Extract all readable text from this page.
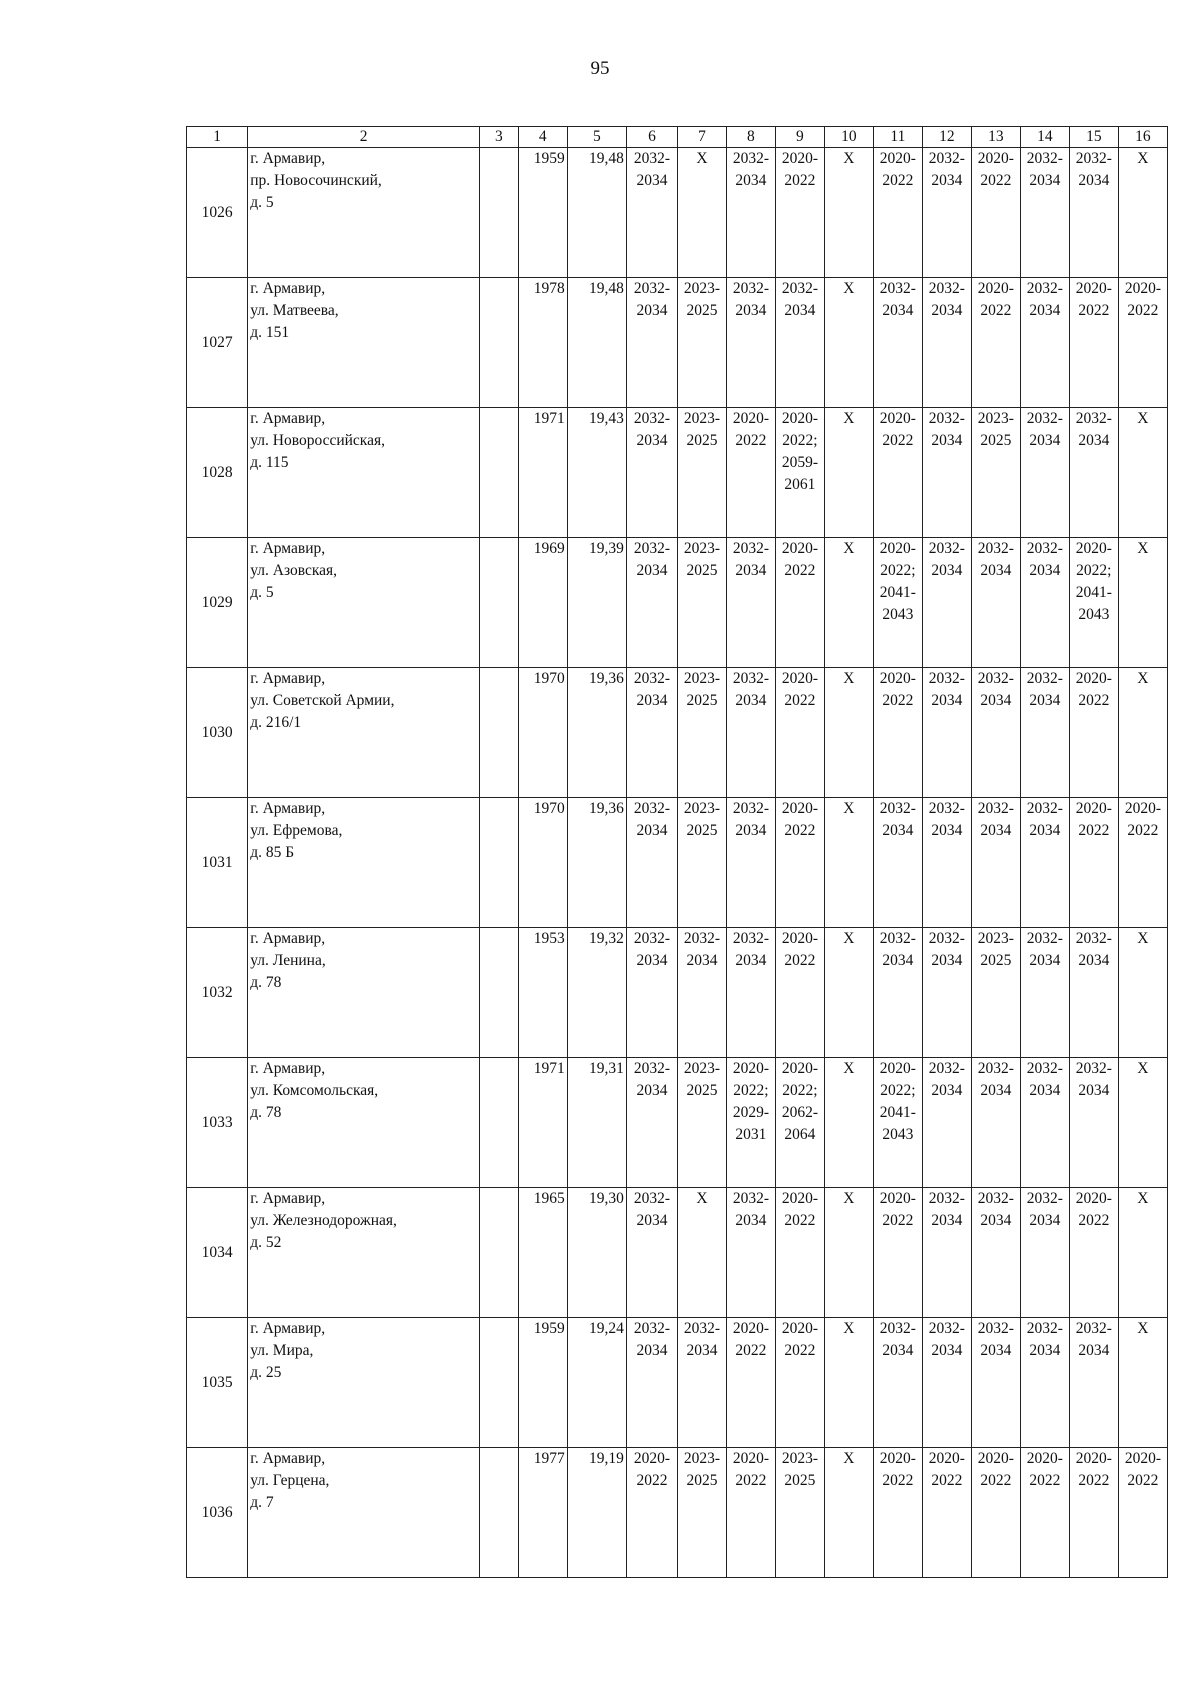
95
1	2	3	4	5	6	7	8	9	10	11	12	13	14	15	16
1026	г. Армавир,
пр. Новосочинский,
д. 5		1959	19,48	2032-
2034	Х	2032-
2034	2020-
2022	Х	2020-
2022	2032-
2034	2020-
2022	2032-
2034	2032-
2034	Х
1027	г. Армавир,
ул. Матвеева,
д. 151		1978	19,48	2032-
2034	2023-
2025	2032-
2034	2032-
2034	Х	2032-
2034	2032-
2034	2020-
2022	2032-
2034	2020-
2022	2020-
2022
1028	г. Армавир,
ул. Новороссийская,
д. 115		1971	19,43	2032-
2034	2023-
2025	2020-
2022	2020-
2022;
2059-
2061	Х	2020-
2022	2032-
2034	2023-
2025	2032-
2034	2032-
2034	Х
1029	г. Армавир,
ул. Азовская,
д. 5		1969	19,39	2032-
2034	2023-
2025	2032-
2034	2020-
2022	Х	2020-
2022;
2041-
2043	2032-
2034	2032-
2034	2032-
2034	2020-
2022;
2041-
2043	Х
1030	г. Армавир,
ул. Советской Армии,
д. 216/1		1970	19,36	2032-
2034	2023-
2025	2032-
2034	2020-
2022	Х	2020-
2022	2032-
2034	2032-
2034	2032-
2034	2020-
2022	Х
1031	г. Армавир,
ул. Ефремова,
д. 85 Б		1970	19,36	2032-
2034	2023-
2025	2032-
2034	2020-
2022	Х	2032-
2034	2032-
2034	2032-
2034	2032-
2034	2020-
2022	2020-
2022
1032	г. Армавир,
ул. Ленина,
д. 78		1953	19,32	2032-
2034	2032-
2034	2032-
2034	2020-
2022	Х	2032-
2034	2032-
2034	2023-
2025	2032-
2034	2032-
2034	Х
1033	г. Армавир,
ул. Комсомольская,
д. 78		1971	19,31	2032-
2034	2023-
2025	2020-
2022;
2029-
2031	2020-
2022;
2062-
2064	Х	2020-
2022;
2041-
2043	2032-
2034	2032-
2034	2032-
2034	2032-
2034	Х
1034	г. Армавир,
ул. Железнодорожная,
д. 52		1965	19,30	2032-
2034	Х	2032-
2034	2020-
2022	Х	2020-
2022	2032-
2034	2032-
2034	2032-
2034	2020-
2022	Х
1035	г. Армавир,
ул. Мира,
д. 25		1959	19,24	2032-
2034	2032-
2034	2020-
2022	2020-
2022	Х	2032-
2034	2032-
2034	2032-
2034	2032-
2034	2032-
2034	Х
1036	г. Армавир,
ул. Герцена,
д. 7		1977	19,19	2020-
2022	2023-
2025	2020-
2022	2023-
2025	Х	2020-
2022	2020-
2022	2020-
2022	2020-
2022	2020-
2022	2020-
2022
